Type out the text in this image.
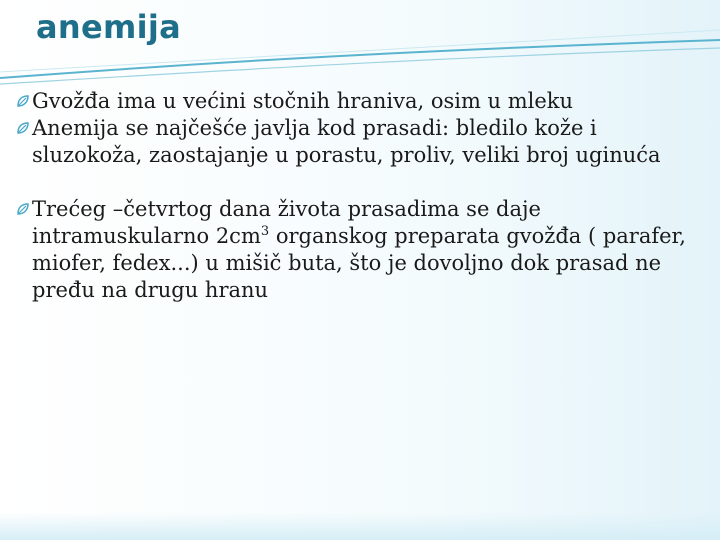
anemija

Gvožđa ima u većini stočnih hraniva, osim u mleku

Anemija se najčešće javlja kod prasadi: bledilo kože i sluzokoža, zaostajanje u porastu, proliv, veliki broj uginuća

Trećeg –četvrtog dana života prasadima se daje intramuskularno $2cm^3$ organskog preparata gvožđa ( parafer, miofer, fedex...) u mišič buta, što je dovoljno dok prasad ne pređu na drugu hranu
